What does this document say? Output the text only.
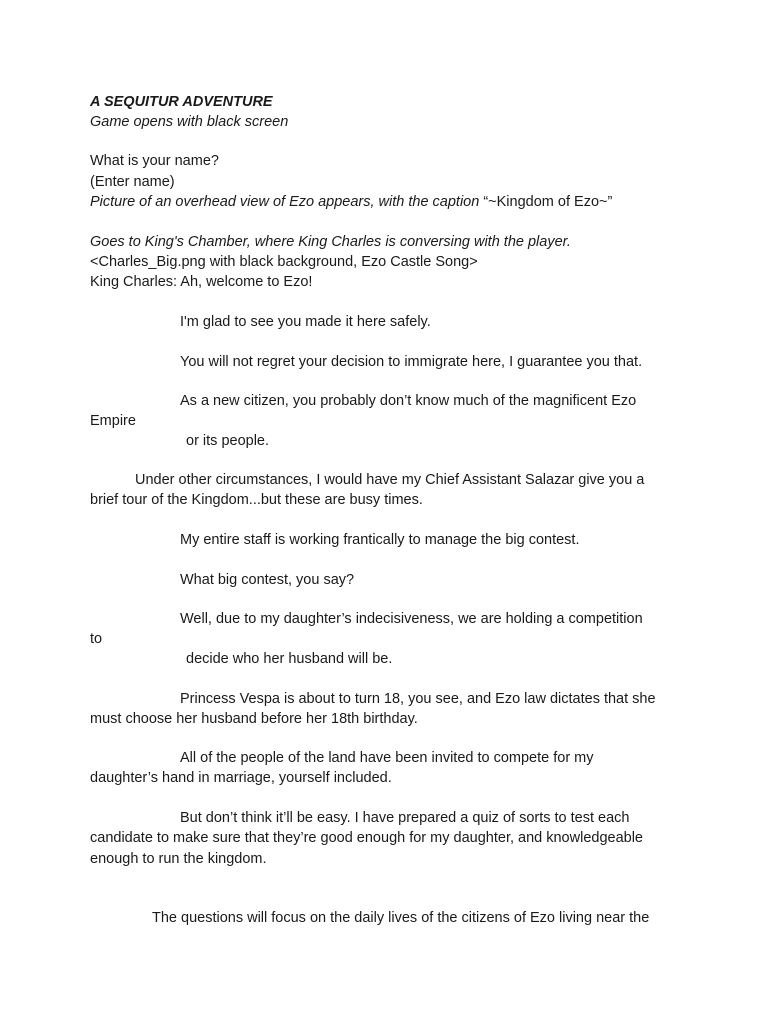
A SEQUITUR ADVENTURE
Game opens with black screen
What is your name?
(Enter name)
Picture of an overhead view of Ezo appears, with the caption “~Kingdom of Ezo~”
Goes to King's Chamber, where King Charles is conversing with the player.
<Charles_Big.png with black background, Ezo Castle Song>
King Charles: Ah, welcome to Ezo!
I'm glad to see you made it here safely.
You will not regret your decision to immigrate here, I guarantee you that.
As a new citizen, you probably don’t know much of the magnificent Ezo
Empire
or its people.
Under other circumstances, I would have my Chief Assistant Salazar give you a
brief tour of the Kingdom...but these are busy times.
My entire staff is working frantically to manage the big contest.
What big contest, you say?
Well, due to my daughter’s indecisiveness, we are holding a competition
to
decide who her husband will be.
Princess Vespa is about to turn 18, you see, and Ezo law dictates that she
must choose her husband before her 18th birthday.
All of the people of the land have been invited to compete for my
daughter’s hand in marriage, yourself included.
But don’t think it’ll be easy. I have prepared a quiz of sorts to test each
candidate to make sure that they’re good enough for my daughter, and knowledgeable
enough to run the kingdom.
The questions will focus on the daily lives of the citizens of Ezo living near the
